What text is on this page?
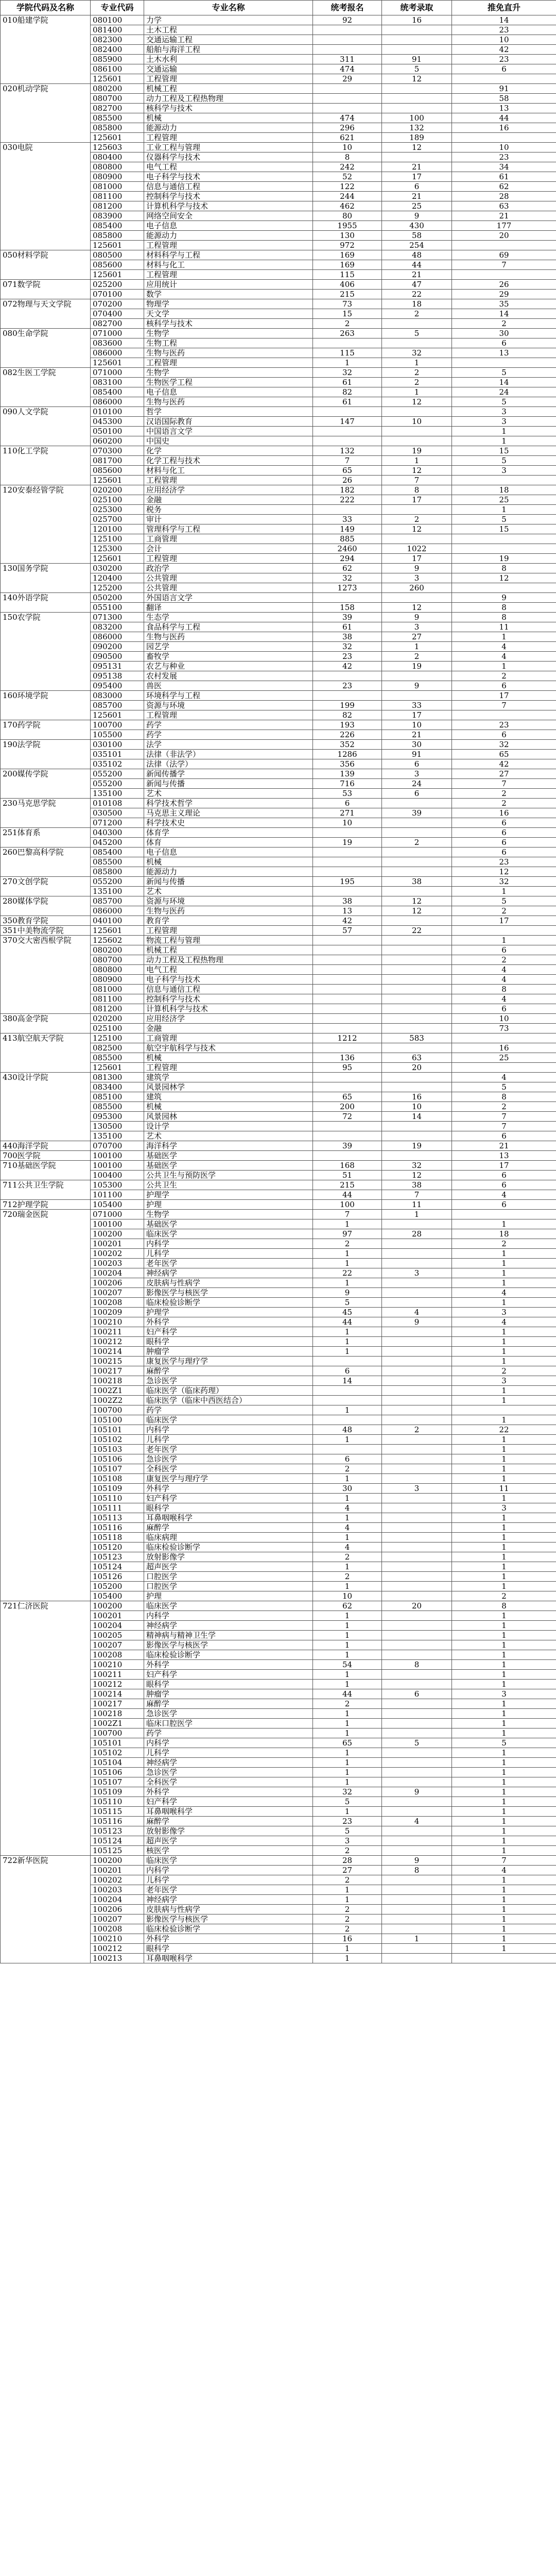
学院代码及名称	专业代码	专业名称	统考报名	统考录取	推免直升
010船建学院	080100	力学	92	16	14
	081400	土木工程			23
	082300	交通运输工程			10
	082400	船舶与海洋工程			42
	085900	土木水利	311	91	23
	086100	交通运输	474	5	6
	125601	工程管理	29	12	
020机动学院	080200	机械工程			91
	080700	动力工程及工程热物理			58
	082700	核科学与技术			13
	085500	机械	474	100	44
	085800	能源动力	296	132	16
	125601	工程管理	621	189	
030电院	125603	工业工程与管理	10	12	10
	080400	仪器科学与技术	8		23
	080800	电气工程	242	21	34
	080900	电子科学与技术	52	17	61
	081000	信息与通信工程	122	6	62
	081100	控制科学与技术	244	21	28
	081200	计算机科学与技术	462	25	63
	083900	网络空间安全	80	9	21
	085400	电子信息	1955	430	177
	085800	能源动力	130	58	20
	125601	工程管理	972	254	
050材料学院	080500	材料科学与工程	169	48	69
	085600	材料与化工	169	44	7
	125601	工程管理	115	21	
071数学院	025200	应用统计	406	47	26
	070100	数学	215	22	29
072物理与天文学院	070200	物理学	73	18	35
	070400	天文学	15	2	14
	082700	核科学与技术	2		2
080生命学院	071000	生物学	263	5	30
	083600	生物工程			6
	086000	生物与医药	115	32	13
	125601	工程管理	1	1	
082生医工学院	071000	生物学	32	2	5
	083100	生物医学工程	61	2	14
	085400	电子信息	82	1	24
	086000	生物与医药	61	12	5
090人文学院	010100	哲学			3
	045300	汉语国际教育	147	10	3
	050100	中国语言文学			1
	060200	中国史			1
110化工学院	070300	化学	132	19	15
	081700	化学工程与技术	7	1	5
	085600	材料与化工	65	12	3
	125601	工程管理	26	7	
120安泰经管学院	020200	应用经济学	182	8	18
	025100	金融	222	17	25
	025300	税务			1
	025700	审计	33	2	5
	120100	管理科学与工程	149	12	15
	125100	工商管理	885		
	125300	会计	2460	1022	
	125601	工程管理	294	17	19
130国务学院	030200	政治学	62	9	8
	120400	公共管理	32	3	12
	125200	公共管理	1273	260	
140外语学院	050200	外国语言文学			9
	055100	翻译	158	12	8
150农学院	071300	生态学	39	9	8
	083200	食品科学与工程	61	3	11
	086000	生物与医药	38	27	1
	090200	园艺学	32	1	4
	090500	畜牧学	23	2	4
	095131	农艺与种业	42	19	1
	095138	农村发展			2
	095400	兽医	23	9	6
160环境学院	083000	环境科学与工程			17
	085700	资源与环境	199	33	7
	125601	工程管理	82	17	
170药学院	100700	药学	193	10	23
	105500	药学	226	21	6
190法学院	030100	法学	352	30	32
	035101	法律（非法学）	1286	91	65
	035102	法律（法学）	356	6	42
200媒传学院	055200	新闻传播学	139	3	27
	055200	新闻与传播	716	24	7
	135100	艺术	53	6	2
230马克思学院	010108	科学技术哲学	6		2
	030500	马克思主义理论	271	39	16
	071200	科学技术史	10		6
251体育系	040300	体育学			6
	045200	体育	19	2	6
260巴黎高科学院	085400	电子信息			6
	085500	机械			23
	085800	能源动力			12
270文创学院	055200	新闻与传播	195	38	32
	135100	艺术			1
280媒体学院	085700	资源与环境	38	12	5
	086000	生物与医药	13	12	2
350教育学院	040100	教育学	42		17
351中美物流学院	125601	工程管理	57	22	
370交大密西根学院	125602	物流工程与管理			1
	080200	机械工程			6
	080700	动力工程及工程热物理			2
	080800	电气工程			4
	080900	电子科学与技术			4
	081000	信息与通信工程			8
	081100	控制科学与技术			4
	081200	计算机科学与技术			6
380高金学院	020200	应用经济学			10
	025100	金融			73
413航空航天学院	125100	工商管理	1212	583	
	082500	航空宇航科学与技术			16
	085500	机械	136	63	25
	125601	工程管理	95	20	
430设计学院	081300	建筑学			4
	083400	风景园林学			5
	085100	建筑	65	16	8
	085500	机械	200	10	2
	095300	风景园林	72	14	7
	130500	设计学			7
	135100	艺术			6
440海洋学院	070700	海洋科学	39	19	21
700医学院	100100	基础医学			13
710基础医学院	100100	基础医学	168	32	17
	100400	公共卫生与预防医学	51	12	6
711公共卫生学院	105300	公共卫生	215	38	6
	101100	护理学	44	7	4
712护理学院	105400	护理	100	11	6
720瑞金医院	071000	生物学	7	1	
	100100	基础医学	1		1
	100200	临床医学	97	28	18
	100201	内科学	2		2
	100202	儿科学	1		1
	100203	老年医学	1		1
	100204	神经病学	22	3	1
	100206	皮肤病与性病学	1		1
	100207	影像医学与核医学	9		4
	100208	临床检验诊断学	5		1
	100209	护理学	45	4	3
	100210	外科学	44	9	4
	100211	妇产科学	1		1
	100212	眼科学	1		1
	100214	肿瘤学	1		1
	100215	康复医学与理疗学			1
	100217	麻醉学	6		2
	100218	急诊医学	14		3
	1002Z1	临床医学（临床药理）			1
	1002Z2	临床医学（临床中西医结合）			1
	100700	药学	1		
	105100	临床医学			1
	105101	内科学	48	2	22
	105102	儿科学	1		1
	105103	老年医学			1
	105106	急诊医学	6		1
	105107	全科医学	2		1
	105108	康复医学与理疗学	1		1
	105109	外科学	30	3	11
	105110	妇产科学	1		1
	105111	眼科学	4		3
	105113	耳鼻咽喉科学	1		1
	105116	麻醉学	4		1
	105118	临床病理	1		1
	105120	临床检验诊断学	4		1
	105123	放射影像学	2		1
	105124	超声医学	1		1
	105126	口腔医学	2		1
	105200	口腔医学	1		1
	105400	护理	10		2
721仁济医院	100200	临床医学	62	20	8
	100201	内科学	1		1
	100204	神经病学	1		1
	100205	精神病与精神卫生学	1		1
	100207	影像医学与核医学	1		1
	100208	临床检验诊断学	1		1
	100210	外科学	54	8	1
	100211	妇产科学	1		1
	100212	眼科学	1		1
	100214	肿瘤学	44	6	3
	100217	麻醉学	2		1
	100218	急诊医学	1		1
	1002Z1	临床口腔医学	1		1
	100700	药学	1		1
	105101	内科学	65	5	5
	105102	儿科学	1		1
	105104	神经病学	1		1
	105106	急诊医学	1		1
	105107	全科医学	1		1
	105109	外科学	32	9	1
	105110	妇产科学	5		1
	105115	耳鼻咽喉科学	1		1
	105116	麻醉学	23	4	1
	105123	放射影像学	5		1
	105124	超声医学	3		1
	105125	核医学	2		1
722新华医院	100200	临床医学	28	9	7
	100201	内科学	27	8	4
	100202	儿科学	2		1
	100203	老年医学	1		1
	100204	神经病学	1		1
	100206	皮肤病与性病学	2		1
	100207	影像医学与核医学	2		1
	100208	临床检验诊断学	2		1
	100210	外科学	16	1	1
	100212	眼科学	1		1
	100213	耳鼻咽喉科学	1		
